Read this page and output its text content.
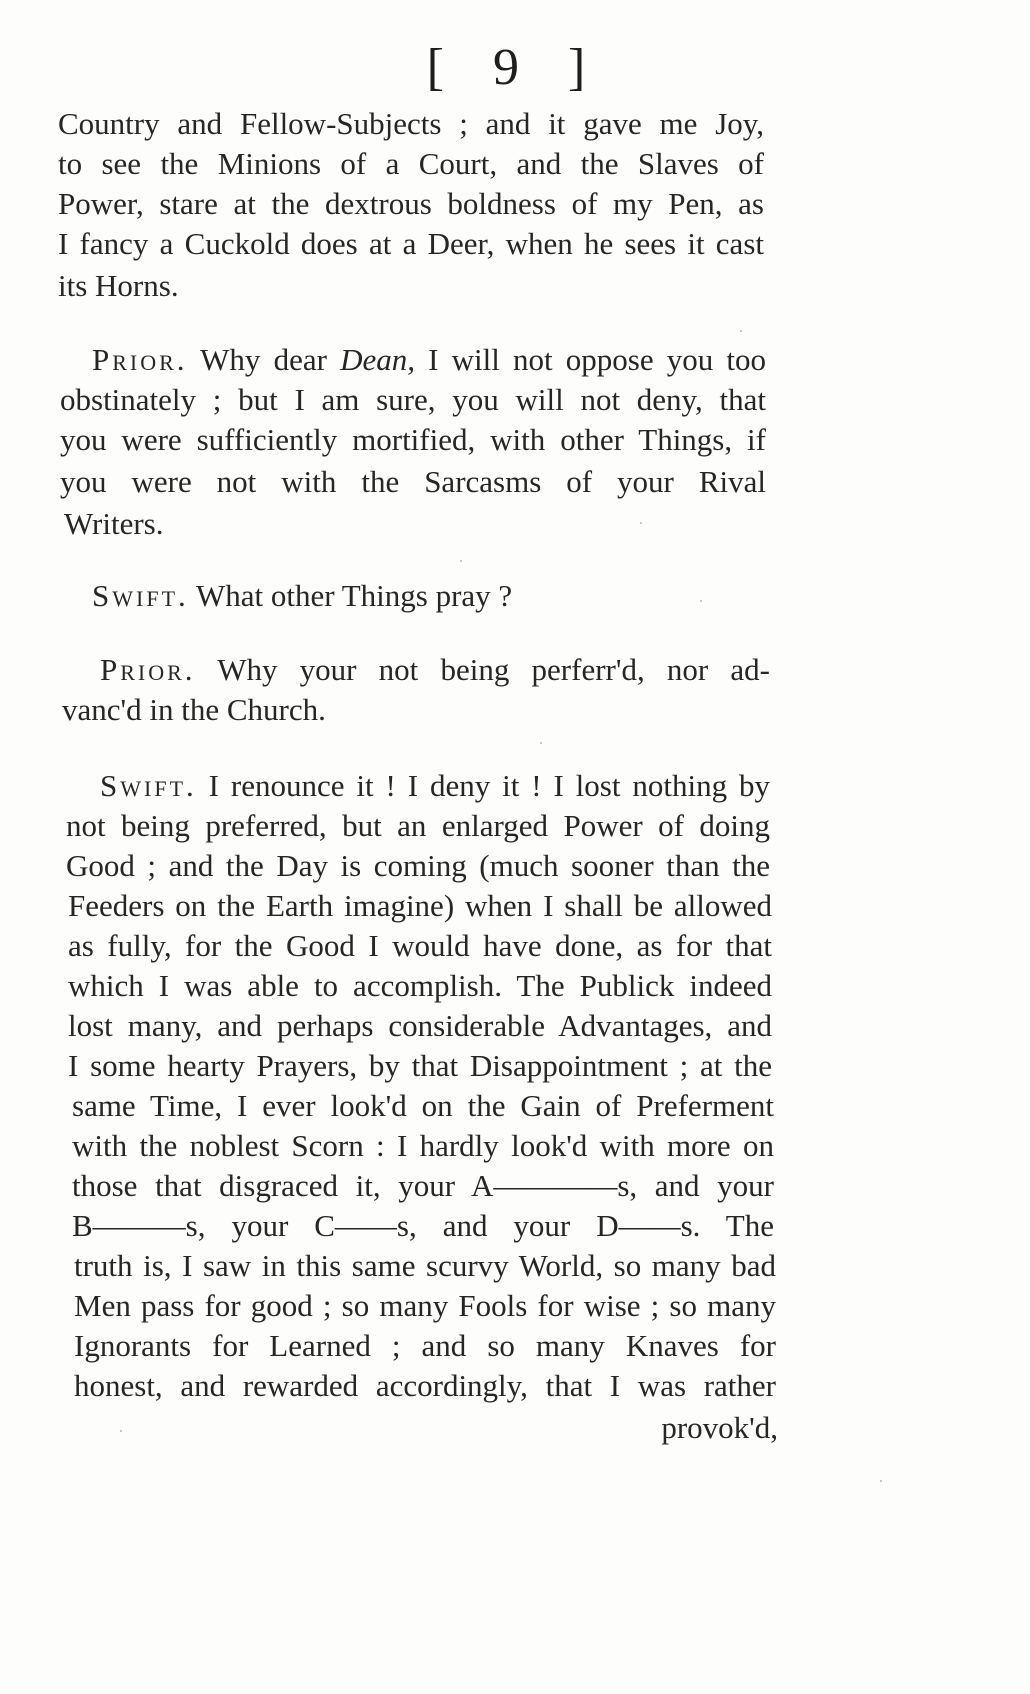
[ 9 ]
Country and Fellow-Subjects ; and it gave me Joy,
to see the Minions of a Court, and the Slaves of
Power, stare at the dextrous boldness of my Pen, as
I fancy a Cuckold does at a Deer, when he sees it cast
its Horns.
Prior. Why dear Dean, I will not oppose you too
obstinately ; but I am sure, you will not deny, that
you were sufficiently mortified, with other Things, if
you were not with the Sarcasms of your Rival
Writers.
Swift. What other Things pray ?
Prior. Why your not being perferr'd, nor ad-
vanc'd in the Church.
Swift. I renounce it ! I deny it ! I lost nothing by
not being preferred, but an enlarged Power of doing
Good ; and the Day is coming (much sooner than the
Feeders on the Earth imagine) when I shall be allowed
as fully, for the Good I would have done, as for that
which I was able to accomplish. The Publick indeed
lost many, and perhaps considerable Advantages, and
I some hearty Prayers, by that Disappointment ; at the
same Time, I ever look'd on the Gain of Preferment
with the noblest Scorn : I hardly look'd with more on
those that disgraced it, your A————s, and your
B———s, your C——s, and your D——s. The
truth is, I saw in this same scurvy World, so many bad
Men pass for good ; so many Fools for wise ; so many
Ignorants for Learned ; and so many Knaves for
honest, and rewarded accordingly, that I was rather
provok'd,
